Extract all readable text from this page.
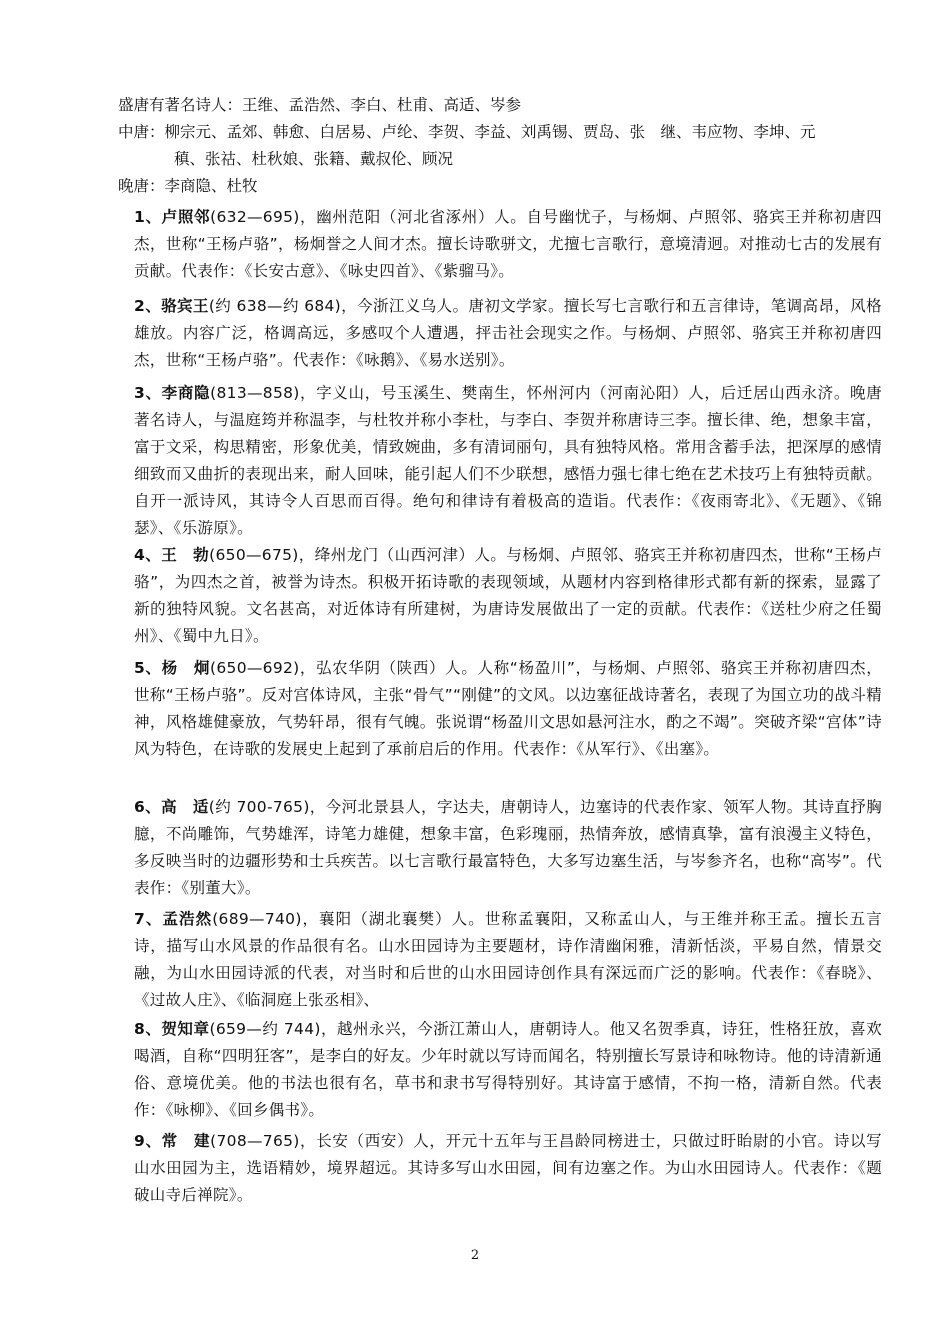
盛唐有著名诗人：王维、孟浩然、李白、杜甫、高适、岑参
中唐：柳宗元、孟郊、韩愈、白居易、卢纶、李贺、李益、刘禹锡、贾岛、张　继、韦应物、李坤、元
稹、张祜、杜秋娘、张籍、戴叔伦、顾况
晚唐：李商隐、杜牧
1、卢照邻(632—695)，幽州范阳（河北省涿州）人。自号幽忧子，与杨炯、卢照邻、骆宾王并称初唐四杰，世称“王杨卢骆”，杨炯誉之人间才杰。擅长诗歌骈文，尤擅七言歌行，意境清迥。对推动七古的发展有贡献。代表作：《长安古意》、《咏史四首》、《紫骝马》。
2、骆宾王(约 638—约 684)，今浙江义乌人。唐初文学家。擅长写七言歌行和五言律诗，笔调高昂，风格雄放。内容广泛，格调高远，多感叹个人遭遇，抨击社会现实之作。与杨炯、卢照邻、骆宾王并称初唐四杰，世称“王杨卢骆”。代表作：《咏鹅》、《易水送别》。
3、李商隐(813—858)，字义山，号玉溪生、樊南生，怀州河内（河南沁阳）人，后迁居山西永济。晚唐著名诗人，与温庭筠并称温李，与杜牧并称小李杜，与李白、李贺并称唐诗三李。擅长律、绝，想象丰富，富于文采，构思精密，形象优美，情致婉曲，多有清词丽句，具有独特风格。常用含蓄手法，把深厚的感情细致而又曲折的表现出来，耐人回味，能引起人们不少联想，感悟力强七律七绝在艺术技巧上有独特贡献。自开一派诗风，其诗令人百思而百得。绝句和律诗有着极高的造诣。代表作：《夜雨寄北》、《无题》、《锦瑟》、《乐游原》。
4、王　勃(650—675)，绛州龙门（山西河津）人。与杨炯、卢照邻、骆宾王并称初唐四杰，世称“王杨卢骆”，为四杰之首，被誉为诗杰。积极开拓诗歌的表现领域，从题材内容到格律形式都有新的探索，显露了新的独特风貌。文名甚高，对近体诗有所建树，为唐诗发展做出了一定的贡献。代表作：《送杜少府之任蜀州》、《蜀中九日》。
5、杨　炯(650—692)，弘农华阴（陕西）人。人称“杨盈川”，与杨炯、卢照邻、骆宾王并称初唐四杰，世称“王杨卢骆”。反对宫体诗风，主张“骨气”“刚健”的文风。以边塞征战诗著名，表现了为国立功的战斗精神，风格雄健豪放，气势轩昂，很有气魄。张说谓“杨盈川文思如悬河注水，酌之不竭”。突破齐梁“宫体”诗风为特色，在诗歌的发展史上起到了承前启后的作用。代表作：《从军行》、《出塞》。
6、高　适(约 700-765)，今河北景县人，字达夫，唐朝诗人，边塞诗的代表作家、领军人物。其诗直抒胸臆，不尚雕饰，气势雄浑，诗笔力雄健，想象丰富，色彩瑰丽，热情奔放，感情真挚，富有浪漫主义特色，多反映当时的边疆形势和士兵疾苦。以七言歌行最富特色，大多写边塞生活，与岑参齐名，也称“高岑”。代表作：《别董大》。
7、孟浩然(689—740)，襄阳（湖北襄樊）人。世称孟襄阳，又称孟山人，与王维并称王孟。擅长五言诗，描写山水风景的作品很有名。山水田园诗为主要题材，诗作清幽闲雅，清新恬淡，平易自然，情景交融，为山水田园诗派的代表，对当时和后世的山水田园诗创作具有深远而广泛的影响。代表作：《春晓》、《过故人庄》、《临洞庭上张丞相》、
8、贺知章(659—约 744)，越州永兴，今浙江萧山人，唐朝诗人。他又名贺季真，诗狂，性格狂放，喜欢喝酒，自称“四明狂客”，是李白的好友。少年时就以写诗而闻名，特别擅长写景诗和咏物诗。他的诗清新通俗、意境优美。他的书法也很有名，草书和隶书写得特别好。其诗富于感情，不拘一格，清新自然。代表作：《咏柳》、《回乡偶书》。
9、常　建(708—765)，长安（西安）人，开元十五年与王昌龄同榜进士，只做过盱眙尉的小官。诗以写山水田园为主，选语精妙，境界超远。其诗多写山水田园，间有边塞之作。为山水田园诗人。代表作：《题破山寺后禅院》。
2
